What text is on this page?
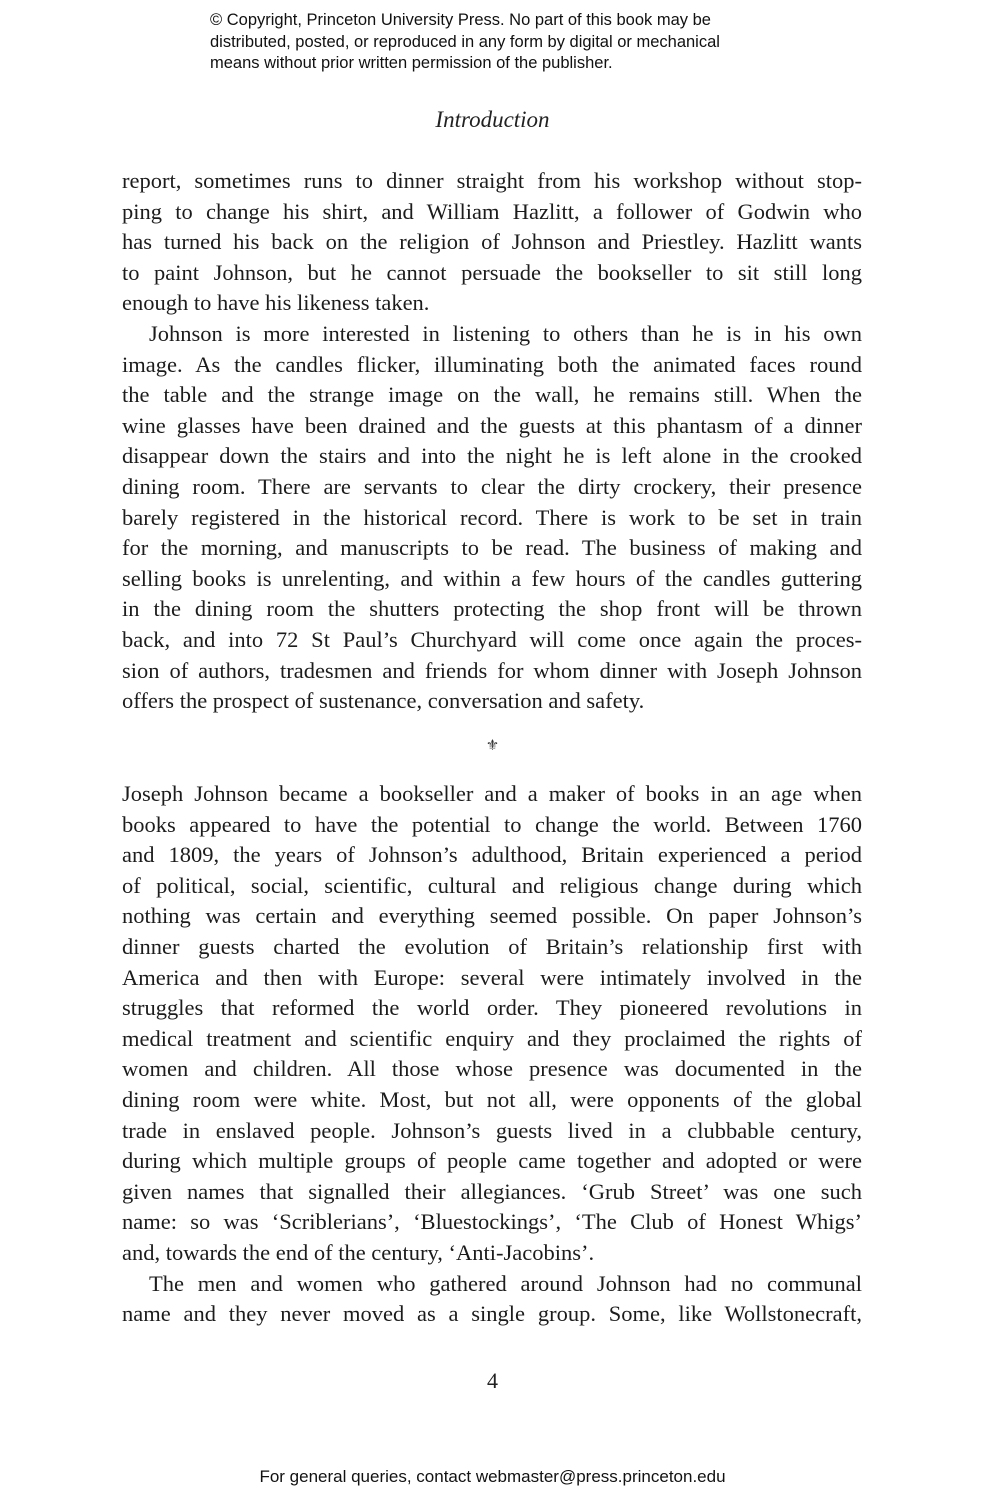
© Copyright, Princeton University Press. No part of this book may be
distributed, posted, or reproduced in any form by digital or mechanical
means without prior written permission of the publisher.
Introduction
report, sometimes runs to dinner straight from his workshop without stop-
ping to change his shirt, and William Hazlitt, a follower of Godwin who
has turned his back on the religion of Johnson and Priestley. Hazlitt wants
to paint Johnson, but he cannot persuade the bookseller to sit still long
enough to have his likeness taken.
Johnson is more interested in listening to others than he is in his own
image. As the candles flicker, illuminating both the animated faces round
the table and the strange image on the wall, he remains still. When the
wine glasses have been drained and the guests at this phantasm of a dinner
disappear down the stairs and into the night he is left alone in the crooked
dining room. There are servants to clear the dirty crockery, their presence
barely registered in the historical record. There is work to be set in train
for the morning, and manuscripts to be read. The business of making and
selling books is unrelenting, and within a few hours of the candles guttering
in the dining room the shutters protecting the shop front will be thrown
back, and into 72 St Paul’s Churchyard will come once again the proces-
sion of authors, tradesmen and friends for whom dinner with Joseph Johnson
offers the prospect of sustenance, conversation and safety.
⚜
Joseph Johnson became a bookseller and a maker of books in an age when
books appeared to have the potential to change the world. Between 1760
and 1809, the years of Johnson’s adulthood, Britain experienced a period
of political, social, scientific, cultural and religious change during which
nothing was certain and everything seemed possible. On paper Johnson’s
dinner guests charted the evolution of Britain’s relationship first with
America and then with Europe: several were intimately involved in the
struggles that reformed the world order. They pioneered revolutions in
medical treatment and scientific enquiry and they proclaimed the rights of
women and children. All those whose presence was documented in the
dining room were white. Most, but not all, were opponents of the global
trade in enslaved people. Johnson’s guests lived in a clubbable century,
during which multiple groups of people came together and adopted or were
given names that signalled their allegiances. ‘Grub Street’ was one such
name: so was ‘Scriblerians’, ‘Bluestockings’, ‘The Club of Honest Whigs’
and, towards the end of the century, ‘Anti-Jacobins’.
The men and women who gathered around Johnson had no communal
name and they never moved as a single group. Some, like Wollstonecraft,
4
For general queries, contact webmaster@press.princeton.edu
